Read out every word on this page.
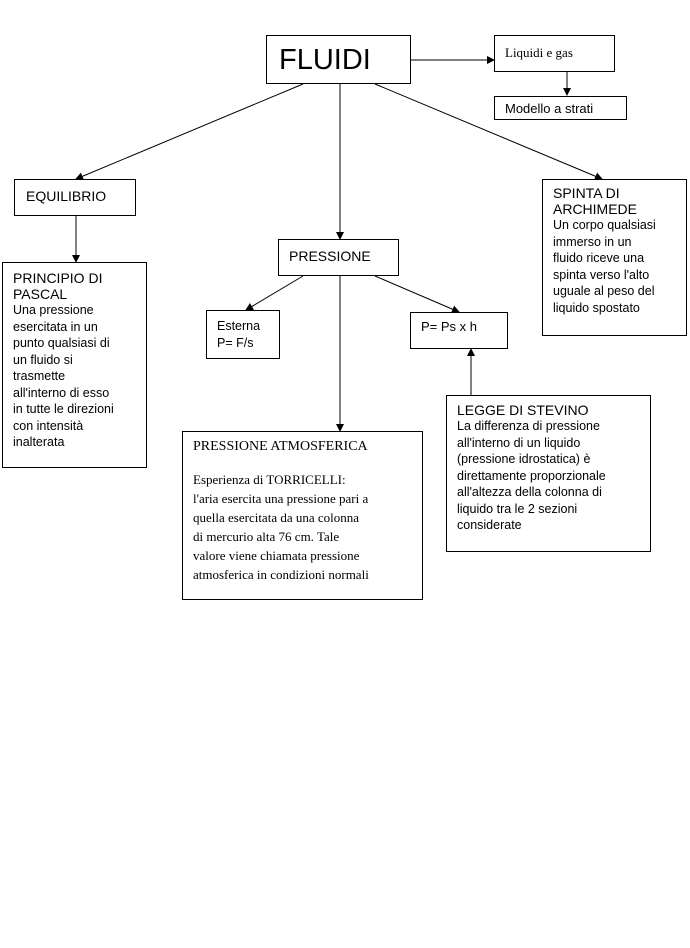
FLUIDI	Liquidi e gas
Modello a strati
EQUILIBRIO
PRINCIPIO DI
PASCAL
Una pressione
esercitata in un
punto qualsiasi di
un fluido si
trasmette
all'interno di esso
in tutte le direzioni
con intensità
inalterata
PRESSIONE
Esterna
P= F/s
P= Ps x h
PRESSIONE ATMOSFERICA
Esperienza di TORRICELLI:
l'aria esercita una pressione pari a
quella esercitata da una colonna
di mercurio alta 76 cm. Tale
valore viene chiamata pressione
atmosferica in condizioni normali
LEGGE DI STEVINO
La differenza di pressione
all'interno di un liquido
(pressione idrostatica) è
direttamente proporzionale
all'altezza della colonna di
liquido tra le 2 sezioni
considerate
SPINTA DI
ARCHIMEDE
Un corpo qualsiasi
immerso in un
fluido riceve una
spinta verso l'alto
uguale al peso del
liquido spostato
